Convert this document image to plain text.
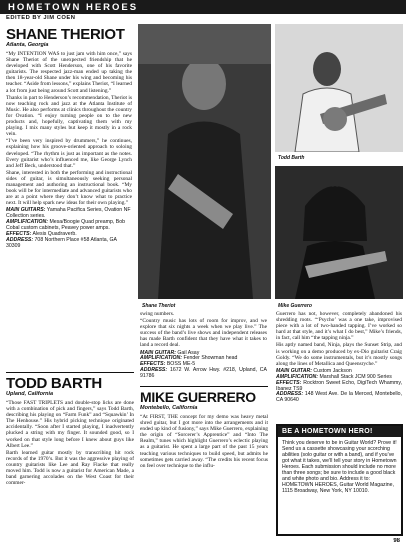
HOMETOWN HEROES
EDITED BY JIM COEN
SHANE THERIOT
Atlanta, Georgia

“My INTENTION WAS to just jam with him once,” says Shane Theriot of the unexpected friendship that he developed with Scott Henderson, one of his favorite guitarists. The respected jazz-man ended up taking the then 18-year-old Shane under his wing and becoming his teacher. “Aside from lessons,” explains Theriot, “I learned a lot from just being around Scott and listening.”

Thanks in part to Henderson’s recommendation, Theriot is now teaching rock and jazz at the Atlanta Institute of Music. He also performs at clinics throughout the country for Ovation. “I enjoy turning people on to the new products and, hopefully, captivating them with my playing. I mix many styles but keep it mostly in a rock vein.

“I’ve been very inspired by drummers,” he continues, explaining how his groove-oriented approach to soloing developed. “The rhythm is just as important as the notes. Every guitarist who’s influenced me, like George Lynch and Jeff Beck, understood that.”

Shane, interested in both the performing and instructional sides of guitar, is simultaneously seeking personal management and authoring an instructional book. “My book will be for intermediate and advanced guitarists who are at a point where they don’t know what to practice next. It will help spark new ideas for their own playing.”

MAIN GUITARS: Yamaha Pacifica Series, Ovation NF Collection series.
AMPLIFICATION: Mesa/Boogie Quad preamp, Bob Cobal custom cabinets, Peavey power amps.
EFFECTS: Alesis Quadraverb.
ADDRESS: 708 Northern Place #58 Atlanta, GA 30309
Shane Theriot
Todd Barth
Mike Guerrero

swing numbers.

“Country music has lots of room for improv, and we explore that six nights a week when we play live.” The success of the band’s live shows and independent releases has made Barth confident that they have what it takes to land a record deal.

MAIN GUITAR: Gail Asay
AMPLIFICATION: Fender Showman head
EFFECTS: BOSS ME-5
ADDRESS: 1672 W. Arrow Hwy. #218, Upland, CA 91786

Guerrero has not, however, completely abandoned his shredding roots. “‘Psycho’ was a one take, improvised piece with a lot of two-handed tapping. I’ve worked so hard at that style, and it’s what I do best,” Mike’s friends, in fact, call him “the tapping ninja.”

His aptly named band, Ninja, plays the Sunset Strip, and is working on a demo produced by ex-Dio guitarist Craig Goldy. “We do some instrumentals, but it’s mostly songs along the lines of Metallica and Queensryche.”

MAIN GUITAR: Custom Jackson
AMPLIFICATION: Marshall Stack JCM 900 Series
EFFECTS: Rocktron Sweet Echo, DigiTech Whammy, Ibanez TS9
ADDRESS: 148 West Ave. De la Merced, Montebello, CA 90640
TODD BARTH
Upland, California

“Those FAST TRIPLETS and double-stop licks are done with a combination of pick and fingers,” says Todd Barth, describing his playing on “Farm Funk” and “Squawkin’ In The Henhouse.” His hybrid picking technique originated accidentally. “Soon after I started playing, I inadvertently plucked a string with my finger. It sounded good, so I worked on that style long before I knew about guys like Albert Lee.”

Barth learned guitar mostly by transcribing hit rock records of the 1970’s. But it was the aggressive playing of country guitarists like Lee and Ray Flacke that really moved him. Todd is now a guitarist for American Made, a band garnering accolades on the West Coast for their commer-

MIKE GUERRERO
Montebello, California

“At FIRST, THE concept for my demo was heavy metal shred guitar, but I got more into the arrangements and it ended up kind of fusiony,” says Mike Guerrero, explaining the origin of “Sorcerer’s Apprentice” and “Into The Realm,” tunes which highlight Guerrero’s eclectic playing as a guitarist. He spent a large part of the past 15 years teaching various techniques to build speed, but admits he sometimes gets carried away. “The credits his recent focus on feel over technique to the influ-

BE A HOMETOWN HERO!
Think you deserve to be in Guitar World? Prove it! Send us a cassette showcasing your scorching abilities (solo guitar or with a band), and if you’ve got what it takes, we’ll tell your story in Hometown Heroes. Each submission should include no more than three songs; be sure to include a good black and white photo and bio. Address it to: HOMETOWN HEROES, Guitar World Magazine, 1115 Broadway, New York, NY 10010.
98
